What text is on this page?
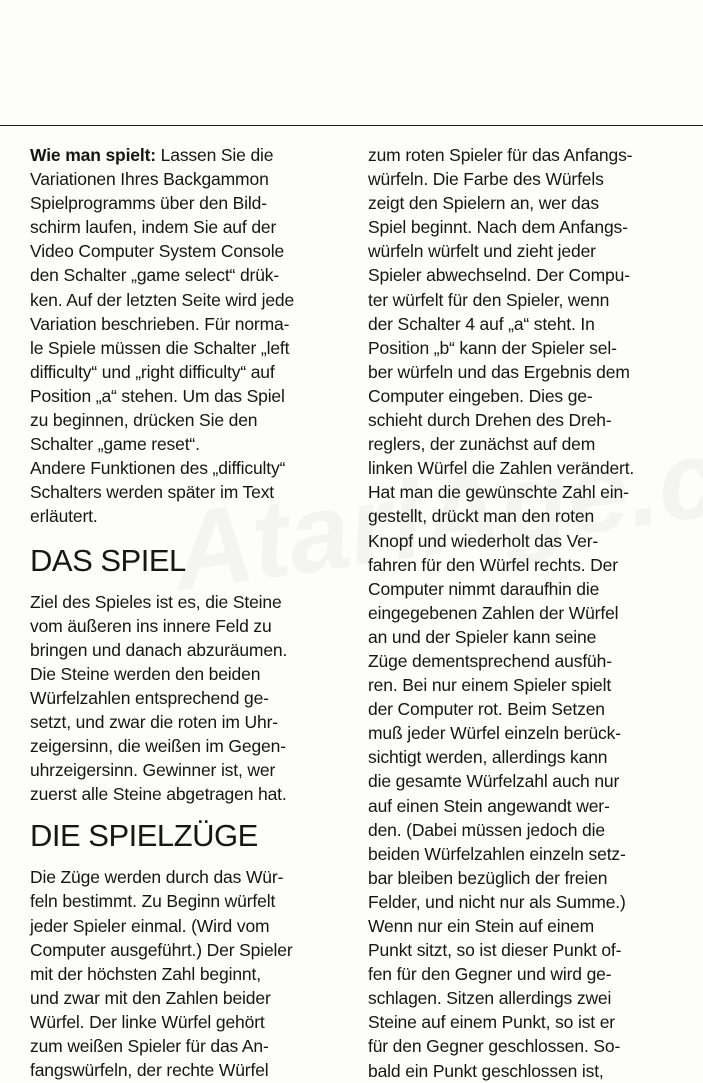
Wie man spielt: Lassen Sie die
Variationen Ihres Backgammon
Spielprogramms über den Bild-
schirm laufen, indem Sie auf der
Video Computer System Console
den Schalter „game select“ drük-
ken. Auf der letzten Seite wird jede
Variation beschrieben. Für norma-
le Spiele müssen die Schalter „left
difficulty“ und „right difficulty“ auf
Position „a“ stehen. Um das Spiel
zu beginnen, drücken Sie den
Schalter „game reset“.
Andere Funktionen des „difficulty“
Schalters werden später im Text
erläutert.
DAS SPIEL
Ziel des Spieles ist es, die Steine
vom äußeren ins innere Feld zu
bringen und danach abzuräumen.
Die Steine werden den beiden
Würfelzahlen entsprechend ge-
setzt, und zwar die roten im Uhr-
zeigersinn, die weißen im Gegen-
uhrzeigersinn. Gewinner ist, wer
zuerst alle Steine abgetragen hat.
DIE SPIELZÜGE
Die Züge werden durch das Wür-
feln bestimmt. Zu Beginn würfelt
jeder Spieler einmal. (Wird vom
Computer ausgeführt.) Der Spieler
mit der höchsten Zahl beginnt,
und zwar mit den Zahlen beider
Würfel. Der linke Würfel gehört
zum weißen Spieler für das An-
fangswürfeln, der rechte Würfel
zum roten Spieler für das Anfangs-
würfeln. Die Farbe des Würfels
zeigt den Spielern an, wer das
Spiel beginnt. Nach dem Anfangs-
würfeln würfelt und zieht jeder
Spieler abwechselnd. Der Compu-
ter würfelt für den Spieler, wenn
der Schalter 4 auf „a“ steht. In
Position „b“ kann der Spieler sel-
ber würfeln und das Ergebnis dem
Computer eingeben. Dies ge-
schieht durch Drehen des Dreh-
reglers, der zunächst auf dem
linken Würfel die Zahlen verändert.
Hat man die gewünschte Zahl ein-
gestellt, drückt man den roten
Knopf und wiederholt das Ver-
fahren für den Würfel rechts. Der
Computer nimmt daraufhin die
eingegebenen Zahlen der Würfel
an und der Spieler kann seine
Züge dementsprechend ausfüh-
ren. Bei nur einem Spieler spielt
der Computer rot. Beim Setzen
muß jeder Würfel einzeln berück-
sichtigt werden, allerdings kann
die gesamte Würfelzahl auch nur
auf einen Stein angewandt wer-
den. (Dabei müssen jedoch die
beiden Würfelzahlen einzeln setz-
bar bleiben bezüglich der freien
Felder, und nicht nur als Summe.)
Wenn nur ein Stein auf einem
Punkt sitzt, so ist dieser Punkt of-
fen für den Gegner und wird ge-
schlagen. Sitzen allerdings zwei
Steine auf einem Punkt, so ist er
für den Gegner geschlossen. So-
bald ein Punkt geschlossen ist,
